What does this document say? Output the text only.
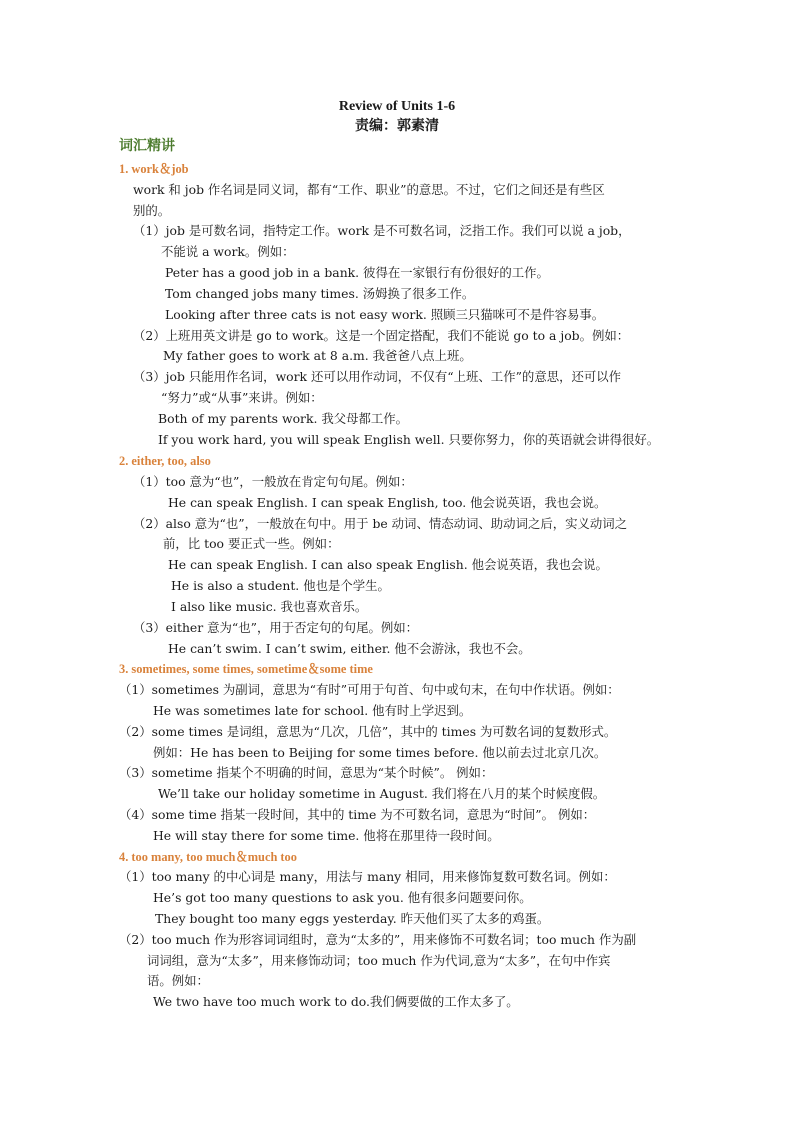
Review of Units 1-6
责编：郭素清
词汇精讲
1. work＆job
work 和 job 作名词是同义词，都有“工作、职业”的意思。不过，它们之间还是有些区
别的。
（1）job 是可数名词，指特定工作。work 是不可数名词，泛指工作。我们可以说 a job，
不能说 a work。例如：
Peter has a good job in a bank. 彼得在一家银行有份很好的工作。
Tom changed jobs many times. 汤姆换了很多工作。
Looking after three cats is not easy work. 照顾三只猫咪可不是件容易事。
（2）上班用英文讲是 go to work。这是一个固定搭配，我们不能说 go to a job。例如：
My father goes to work at 8 a.m. 我爸爸八点上班。
（3）job 只能用作名词，work 还可以用作动词，不仅有“上班、工作”的意思，还可以作
“努力”或“从事”来讲。例如：
Both of my parents work. 我父母都工作。
If you work hard, you will speak English well. 只要你努力，你的英语就会讲得很好。
2. either, too, also
（1）too 意为“也”，一般放在肯定句句尾。例如：
He can speak English. I can speak English, too. 他会说英语，我也会说。
（2）also 意为“也”，一般放在句中。用于 be 动词、情态动词、助动词之后，实义动词之
前，比 too 要正式一些。例如：
He can speak English. I can also speak English. 他会说英语，我也会说。
He is also a student. 他也是个学生。
I also like music. 我也喜欢音乐。
（3）either 意为“也”，用于否定句的句尾。例如：
He can’t swim. I can’t swim, either. 他不会游泳，我也不会。
3. sometimes, some times, sometime＆some time
（1）sometimes 为副词，意思为“有时”可用于句首、句中或句末，在句中作状语。例如：
He was sometimes late for school. 他有时上学迟到。
（2）some times 是词组，意思为“几次，几倍”，其中的 times 为可数名词的复数形式。
例如：He has been to Beijing for some times before. 他以前去过北京几次。
（3）sometime 指某个不明确的时间，意思为“某个时候”。 例如：
We’ll take our holiday sometime in August. 我们将在八月的某个时候度假。
（4）some time 指某一段时间，其中的 time 为不可数名词，意思为“时间”。 例如：
He will stay there for some time. 他将在那里待一段时间。
4. too many, too much＆much too
（1）too many 的中心词是 many，用法与 many 相同，用来修饰复数可数名词。例如：
He’s got too many questions to ask you. 他有很多问题要问你。
They bought too many eggs yesterday. 昨天他们买了太多的鸡蛋。
（2）too much 作为形容词词组时，意为“太多的”，用来修饰不可数名词；too much 作为副
词词组，意为“太多”，用来修饰动词；too much 作为代词,意为“太多”，在句中作宾
语。例如：
We two have too much work to do.我们俩要做的工作太多了。
